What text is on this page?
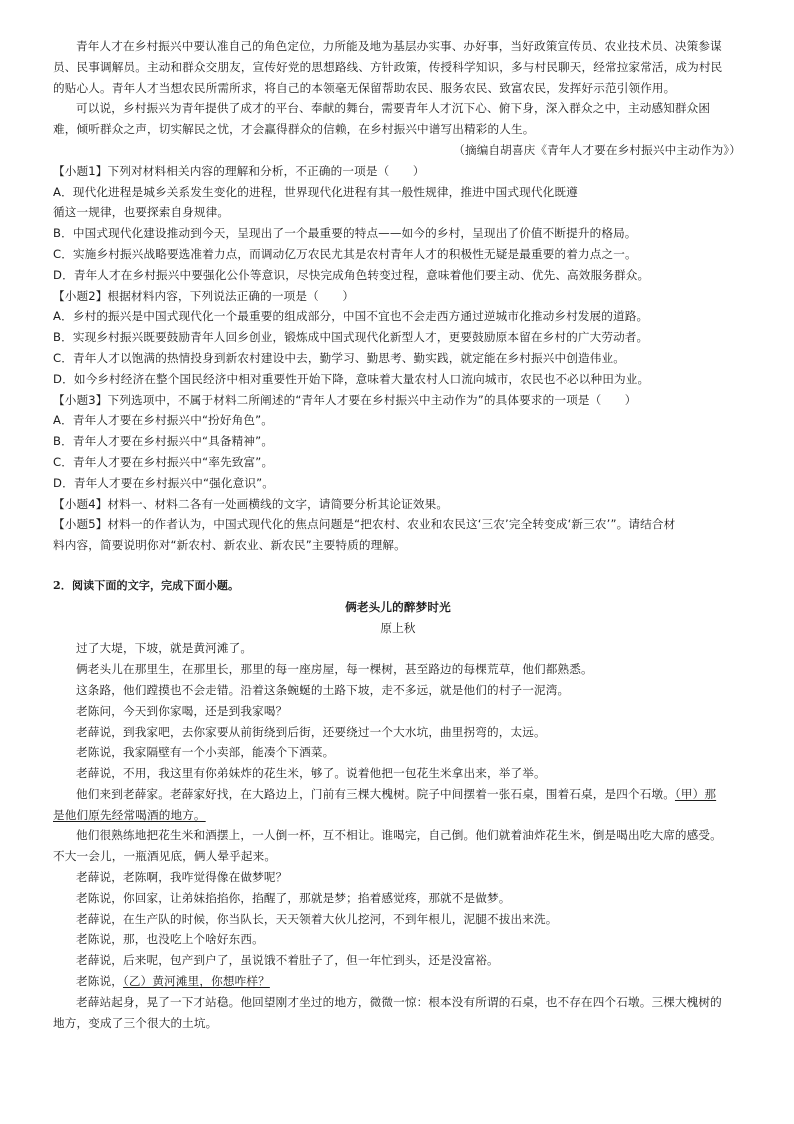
青年人才在乡村振兴中要认准自己的角色定位，力所能及地为基层办实事、办好事，当好政策宣传员、农业技术员、决策参谋
员、民事调解员。主动和群众交朋友，宣传好党的思想路线、方针政策，传授科学知识，多与村民聊天，经常拉家常活，成为村民
的贴心人。青年人才当想农民所需所求，将自己的本领毫无保留帮助农民、服务农民、致富农民，发挥好示范引领作用。
可以说，乡村振兴为青年提供了成才的平台、奉献的舞台，需要青年人才沉下心、俯下身，深入群众之中，主动感知群众困
难，倾听群众之声，切实解民之忧，才会赢得群众的信赖，在乡村振兴中谱写出精彩的人生。
（摘编自胡喜庆《青年人才要在乡村振兴中主动作为》）
【小题1】下列对材料相关内容的理解和分析，不正确的一项是（　　）
A．现代化进程是城乡关系发生变化的进程，世界现代化进程有其一般性规律，推进中国式现代化既遵
循这一规律，也要探索自身规律。
B．中国式现代化建设推动到今天，呈现出了一个最重要的特点——如今的乡村，呈现出了价值不断提升的格局。
C．实施乡村振兴战略要选准着力点，而调动亿万农民尤其是农村青年人才的积极性无疑是最重要的着力点之一。
D．青年人才在乡村振兴中要强化公仆等意识，尽快完成角色转变过程，意味着他们要主动、优先、高效服务群众。
【小题2】根据材料内容，下列说法正确的一项是（　　）
A．乡村的振兴是中国式现代化一个最重要的组成部分，中国不宜也不会走西方通过逆城市化推动乡村发展的道路。
B．实现乡村振兴既要鼓励青年人回乡创业，锻炼成中国式现代化新型人才，更要鼓励原本留在乡村的广大劳动者。
C．青年人才以饱满的热情投身到新农村建设中去，勤学习、勤思考、勤实践，就定能在乡村振兴中创造伟业。
D．如今乡村经济在整个国民经济中相对重要性开始下降，意味着大量农村人口流向城市，农民也不必以种田为业。
【小题3】下列选项中，不属于材料二所阐述的“青年人才要在乡村振兴中主动作为”的具体要求的一项是（　　）
A．青年人才要在乡村振兴中“扮好角色”。
B．青年人才要在乡村振兴中“具备精神”。
C．青年人才要在乡村振兴中“率先致富”。
D．青年人才要在乡村振兴中“强化意识”。
【小题4】材料一、材料二各有一处画横线的文字，请简要分析其论证效果。
【小题5】材料一的作者认为，中国式现代化的焦点问题是“把农村、农业和农民这‘三农’完全转变成‘新三农’”。请结合材
料内容，简要说明你对“新农村、新农业、新农民”主要特质的理解。
2．阅读下面的文字，完成下面小题。
俩老头儿的醉梦时光
原上秋
过了大堤，下坡，就是黄河滩了。
俩老头儿在那里生，在那里长，那里的每一座房屋，每一棵树，甚至路边的每棵荒草，他们都熟悉。
这条路，他们蹚摸也不会走错。沿着这条蜿蜒的土路下坡，走不多远，就是他们的村子一泥湾。
老陈问，今天到你家喝，还是到我家喝？
老薛说，到我家吧，去你家要从前街绕到后街，还要绕过一个大水坑，曲里拐弯的，太远。
老陈说，我家隔壁有一个小卖部，能凑个下酒菜。
老薛说，不用，我这里有你弟妹炸的花生米，够了。说着他把一包花生米拿出来，举了举。
他们来到老薛家。老薛家好找，在大路边上，门前有三棵大槐树。院子中间摆着一张石桌，围着石桌，是四个石墩。（甲）那
是他们原先经常喝酒的地方。
他们很熟练地把花生米和酒摆上，一人倒一杯，互不相让。谁喝完，自己倒。他们就着油炸花生米，倒是喝出吃大席的感受。
不大一会儿，一瓶酒见底，俩人晕乎起来。
老薛说，老陈啊，我咋觉得像在做梦呢？
老陈说，你回家，让弟妹掐掐你，掐醒了，那就是梦；掐着感觉疼，那就不是做梦。
老薛说，在生产队的时候，你当队长，天天领着大伙儿挖河，不到年根儿，泥腿不拔出来洗。
老陈说，那，也没吃上个啥好东西。
老薛说，后来呢，包产到户了，虽说饿不着肚子了，但一年忙到头，还是没富裕。
老陈说，（乙）黄河滩里，你想咋样？
老薛站起身，晃了一下才站稳。他回望刚才坐过的地方，微微一惊：根本没有所谓的石桌，也不存在四个石墩。三棵大槐树的
地方，变成了三个很大的土坑。
